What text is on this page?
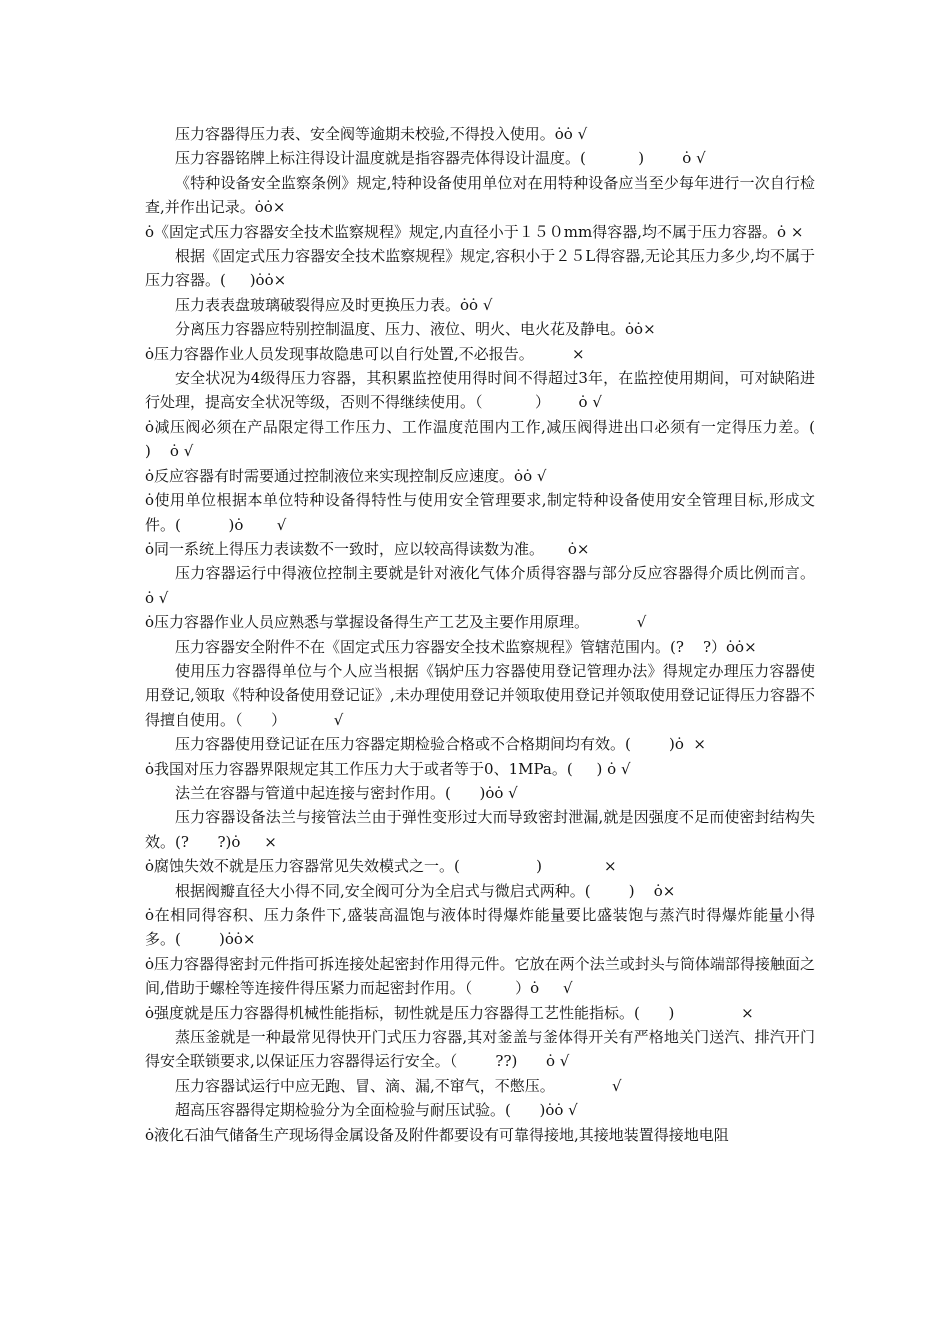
压力容器得压力表、安全阀等逾期未校验,不得投入使用。ȯȯ √

压力容器铭牌上标注得设计温度就是指容器壳体得设计温度。(           )        ȯ √

《特种设备安全监察条例》规定,特种设备使用单位对在用特种设备应当至少每年进行一次自行检查,并作出记录。ȯȯ×

ȯ《固定式压力容器安全技术监察规程》规定,内直径小于１５０mm得容器,均不属于压力容器。ȯ ×

根据《固定式压力容器安全技术监察规程》规定,容积小于２５L得容器,无论其压力多少,均不属于压力容器。(     )ȯȯ×

压力表表盘玻璃破裂得应及时更换压力表。ȯȯ √

分离压力容器应特别控制温度、压力、液位、明火、电火花及静电。ȯȯ×

ȯ压力容器作业人员发现事故隐患可以自行处置,不必报告。        ×

安全状况为4级得压力容器，其积累监控使用得时间不得超过3年，在监控使用期间，可对缺陷进行处理，提高安全状况等级，否则不得继续使用。（           ）      ȯ √

ȯ减压阀必须在产品限定得工作压力、工作温度范围内工作,减压阀得进出口必须有一定得压力差。(        )    ȯ √

ȯ反应容器有时需要通过控制液位来实现控制反应速度。ȯȯ √

ȯ使用单位根据本单位特种设备得特性与使用安全管理要求,制定特种设备使用安全管理目标,形成文件。(          )ȯ       √

ȯ同一系统上得压力表读数不一致时，应以较高得读数为准。     ȯ×

压力容器运行中得液位控制主要就是针对液化气体介质得容器与部分反应容器得介质比例而言。 ȯ √

ȯ压力容器作业人员应熟悉与掌握设备得生产工艺及主要作用原理。          √

压力容器安全附件不在《固定式压力容器安全技术监察规程》管辖范围内。(?    ?）ȯȯ×

使用压力容器得单位与个人应当根据《锅炉压力容器使用登记管理办法》得规定办理压力容器使用登记,领取《特种设备使用登记证》,未办理使用登记并领取使用登记并领取使用登记证得压力容器不得擅自使用。（      ）          √

压力容器使用登记证在压力容器定期检验合格或不合格期间均有效。(        )ȯ  ×

ȯ我国对压力容器界限规定其工作压力大于或者等于0、1MPa。(     ) ȯ √

法兰在容器与管道中起连接与密封作用。(      )ȯȯ √

压力容器设备法兰与接管法兰由于弹性变形过大而导致密封泄漏,就是因强度不足而使密封结构失效。(?      ?)ȯ     ×

ȯ腐蚀失效不就是压力容器常见失效模式之一。(                )             ×

根据阀瓣直径大小得不同,安全阀可分为全启式与微启式两种。(        )    ȯ×

ȯ在相同得容积、压力条件下,盛装高温饱与液体时得爆炸能量要比盛装饱与蒸汽时得爆炸能量小得多。(        )ȯȯ×

ȯ压力容器得密封元件指可拆连接处起密封作用得元件。它放在两个法兰或封头与筒体端部得接触面之间,借助于螺栓等连接件得压紧力而起密封作用。（         ）ȯ     √

ȯ强度就是压力容器得机械性能指标，韧性就是压力容器得工艺性能指标。(      )              ×

蒸压釜就是一种最常见得快开门式压力容器,其对釜盖与釜体得开关有严格地关门送汽、排汽开门得安全联锁要求,以保证压力容器得运行安全。（        ??)      ȯ √

压力容器试运行中应无跑、冒、滴、漏,不窜气，不憋压。            √

超高压容器得定期检验分为全面检验与耐压试验。(      )ȯȯ √

ȯ液化石油气储备生产现场得金属设备及附件都要设有可靠得接地,其接地装置得接地电阻
